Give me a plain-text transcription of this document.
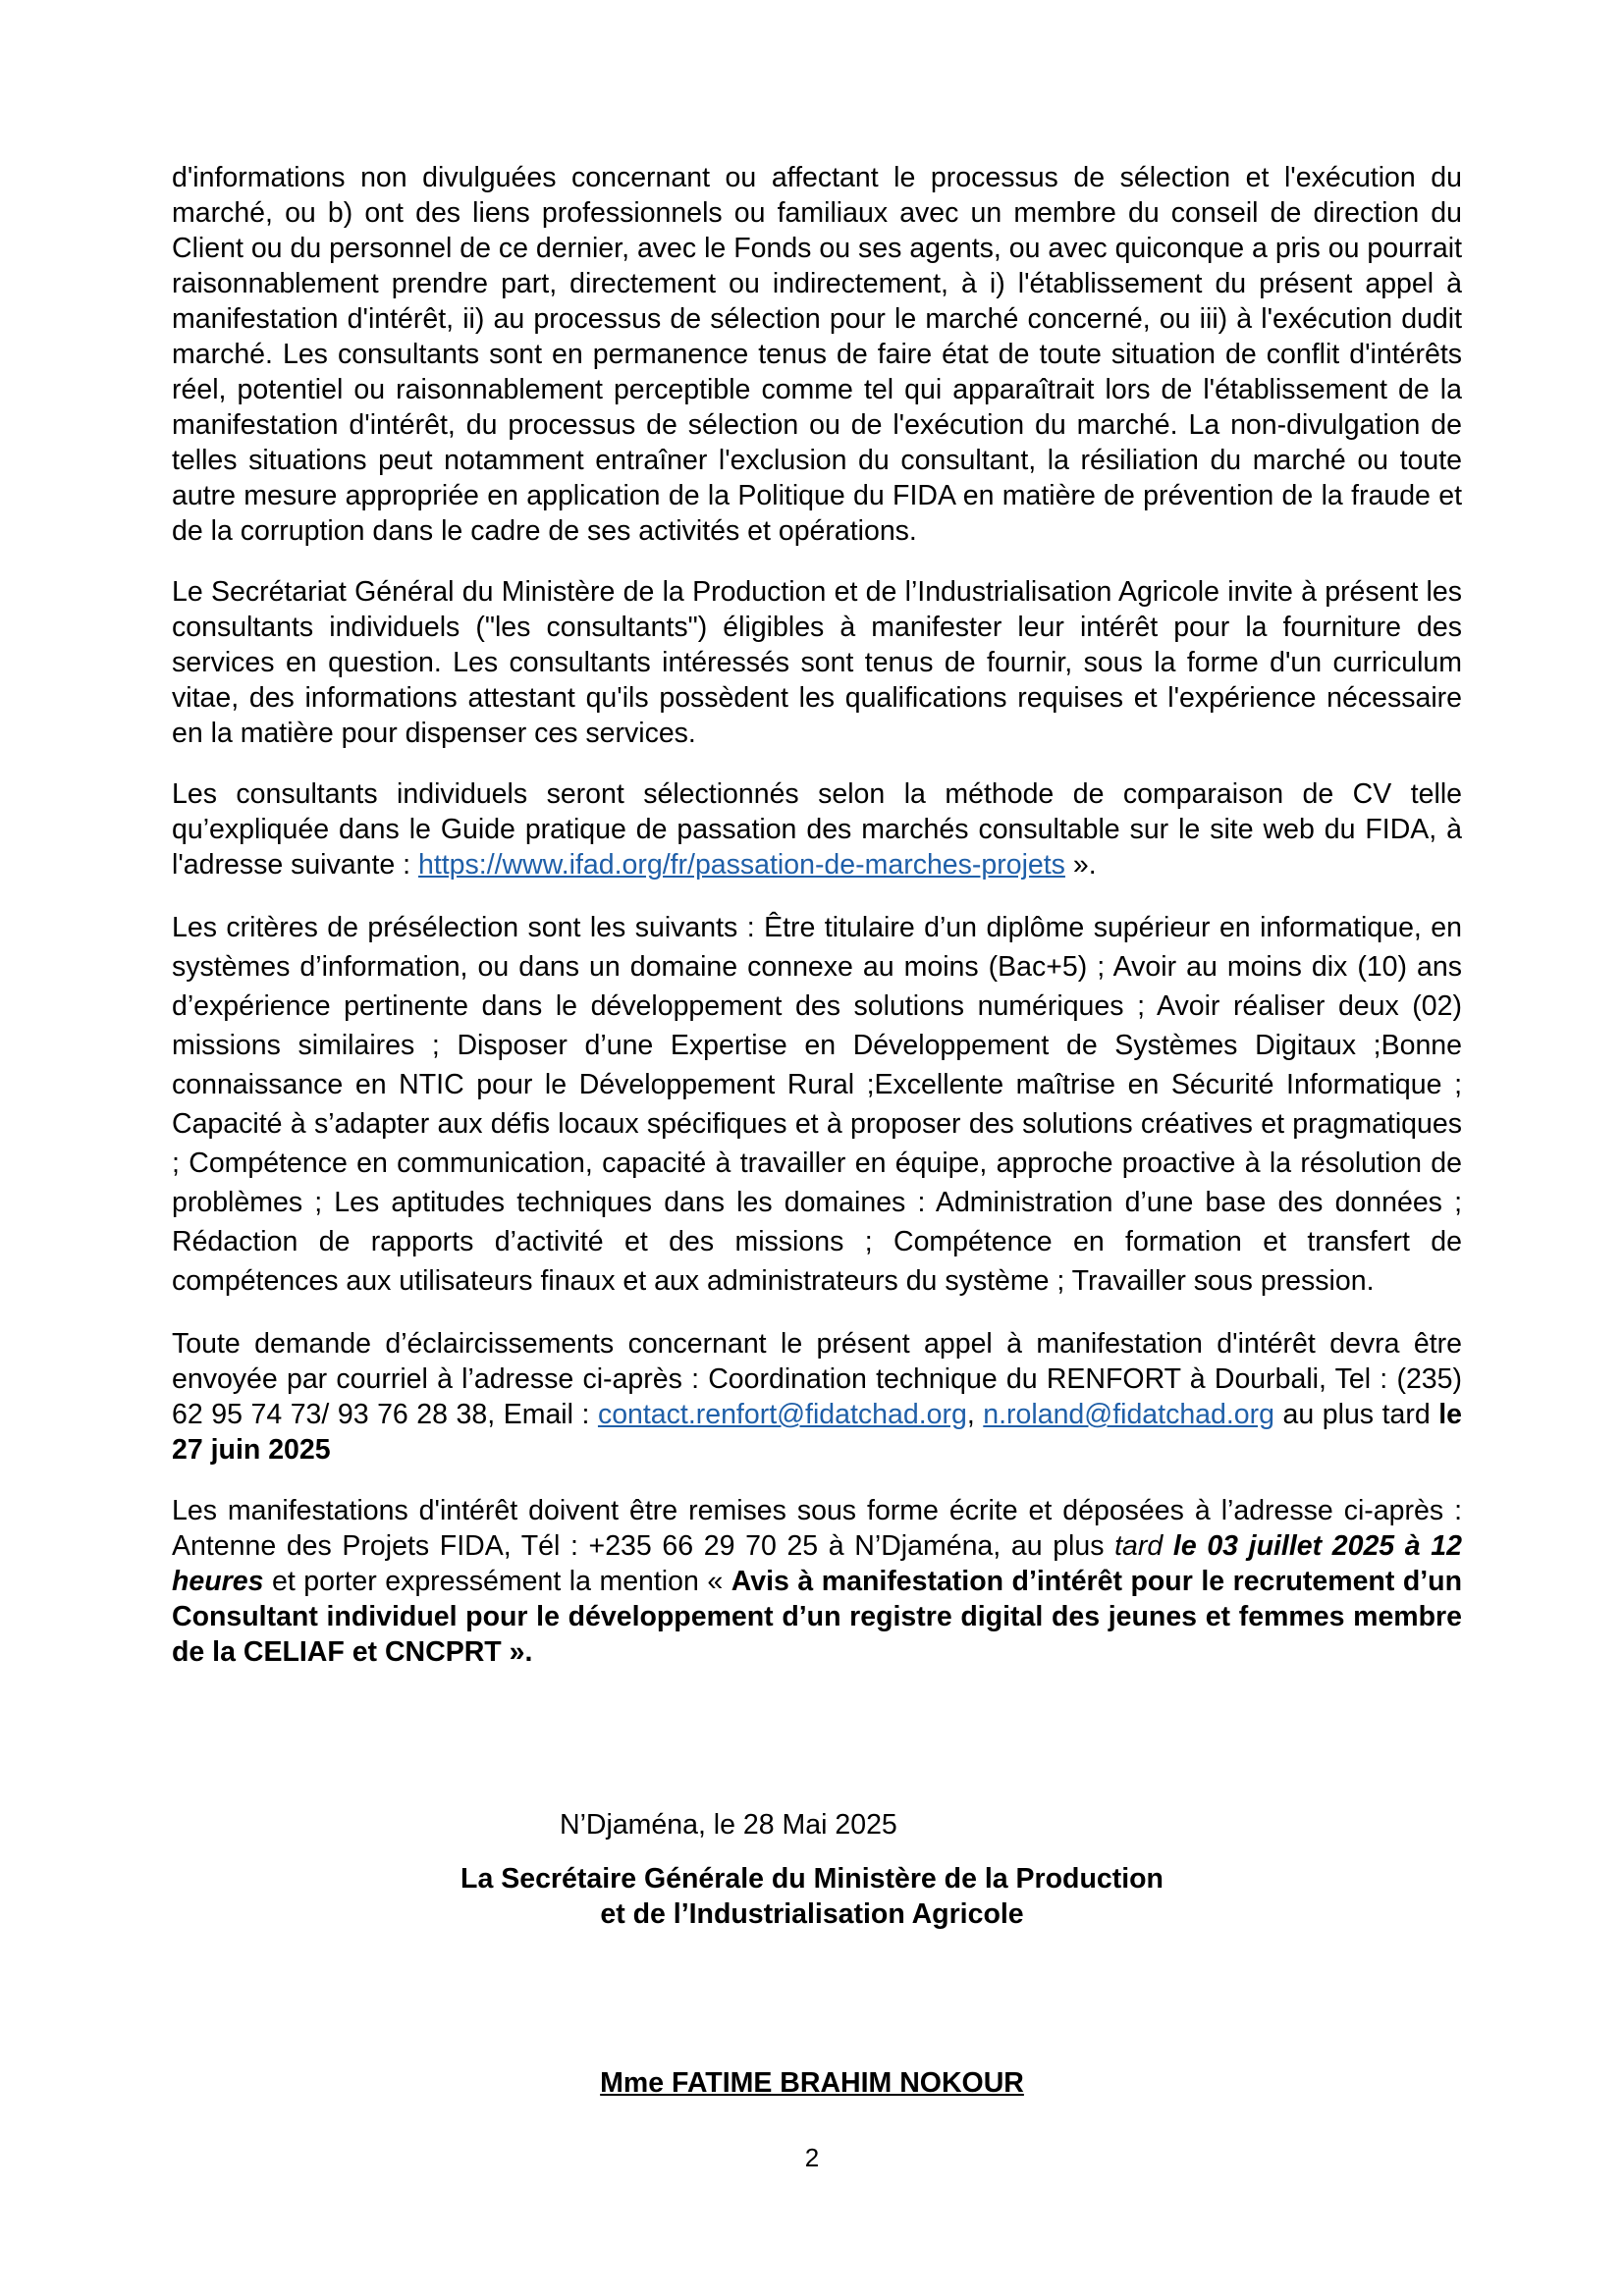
d'informations non divulguées concernant ou affectant le processus de sélection et l'exécution du marché, ou b) ont des liens professionnels ou familiaux avec un membre du conseil de direction du Client ou du personnel de ce dernier, avec le Fonds ou ses agents, ou avec quiconque a pris ou pourrait raisonnablement prendre part, directement ou indirectement, à i) l'établissement du présent appel à manifestation d'intérêt, ii) au processus de sélection pour le marché concerné, ou iii) à l'exécution dudit marché. Les consultants sont en permanence tenus de faire état de toute situation de conflit d'intérêts réel, potentiel ou raisonnablement perceptible comme tel qui apparaîtrait lors de l'établissement de la manifestation d'intérêt, du processus de sélection ou de l'exécution du marché. La non-divulgation de telles situations peut notamment entraîner l'exclusion du consultant, la résiliation du marché ou toute autre mesure appropriée en application de la Politique du FIDA en matière de prévention de la fraude et de la corruption dans le cadre de ses activités et opérations.

Le Secrétariat Général du Ministère de la Production et de l’Industrialisation Agricole invite à présent les consultants individuels ("les consultants") éligibles à manifester leur intérêt pour la fourniture des services en question. Les consultants intéressés sont tenus de fournir, sous la forme d'un curriculum vitae, des informations attestant qu'ils possèdent les qualifications requises et l'expérience nécessaire en la matière pour dispenser ces services.

Les consultants individuels seront sélectionnés selon la méthode de comparaison de CV telle qu’expliquée dans le Guide pratique de passation des marchés consultable sur le site web du FIDA, à l'adresse suivante : https://www.ifad.org/fr/passation-de-marches-projets ».

Les critères de présélection sont les suivants : Être titulaire d’un diplôme supérieur en informatique, en systèmes d’information, ou dans un domaine connexe au moins (Bac+5) ; Avoir au moins dix (10) ans d’expérience pertinente dans le développement des solutions numériques ; Avoir réaliser deux (02) missions similaires ; Disposer d’une Expertise en Développement de Systèmes Digitaux ;Bonne connaissance en NTIC pour le Développement Rural ;Excellente maîtrise en Sécurité Informatique ; Capacité à s’adapter aux défis locaux spécifiques et à proposer des solutions créatives et pragmatiques ; Compétence en communication, capacité à travailler en équipe, approche proactive à la résolution de problèmes ; Les aptitudes techniques dans les domaines : Administration d’une base des données ; Rédaction de rapports d’activité et des missions ; Compétence en formation et transfert de compétences aux utilisateurs finaux et aux administrateurs du système ; Travailler sous pression.

Toute demande d’éclaircissements concernant le présent appel à manifestation d'intérêt devra être envoyée par courriel à l’adresse ci-après : Coordination technique du RENFORT à Dourbali, Tel : (235) 62 95 74 73/ 93 76 28 38, Email : contact.renfort@fidatchad.org, n.roland@fidatchad.org au plus tard le 27 juin 2025

Les manifestations d'intérêt doivent être remises sous forme écrite et déposées à l’adresse ci-après : Antenne des Projets FIDA, Tél : +235 66 29 70 25 à N’Djaména, au plus tard le 03 juillet 2025 à 12 heures et porter expressément la mention « Avis à manifestation d’intérêt pour le recrutement d’un Consultant individuel pour le développement d’un registre digital des jeunes et femmes membre de la CELIAF et CNCPRT ».

N’Djaména, le 28 Mai 2025
La Secrétaire Générale du Ministère de la Production
et de l’Industrialisation Agricole
Mme FATIME BRAHIM NOKOUR
2
